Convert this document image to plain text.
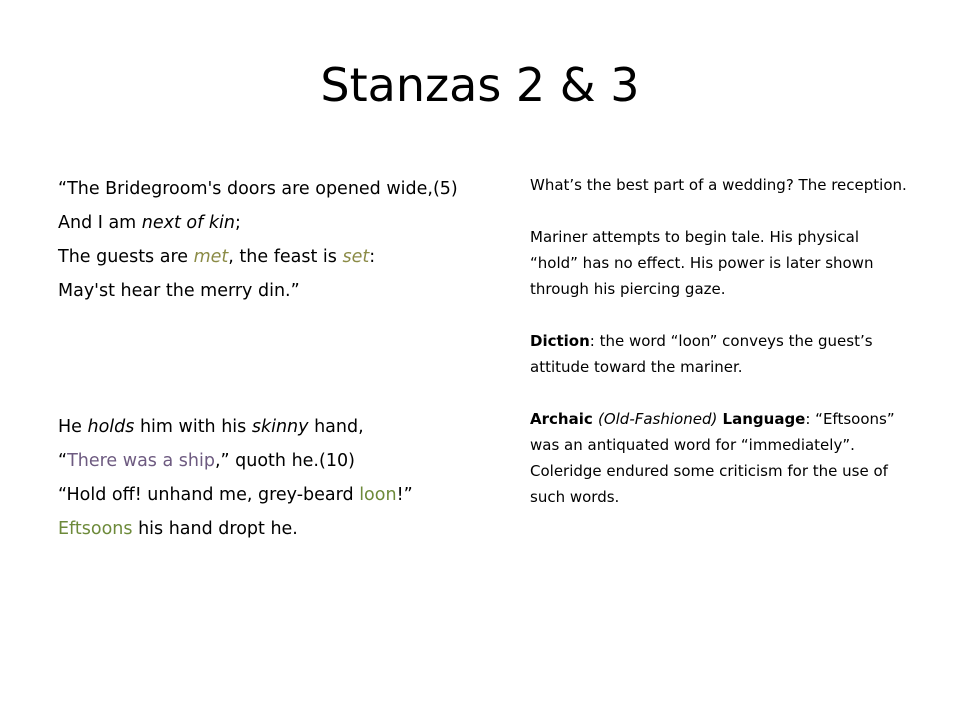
Stanzas 2 & 3
“The Bridegroom's doors are opened wide,(5)
And I am next of kin;
The guests are met, the feast is set:
May'st hear the merry din.”
He holds him with his skinny hand,
“There was a ship,” quoth he.(10)
“Hold off! unhand me, grey-beard loon!”
Eftsoons his hand dropt he.

What’s the best part of a wedding? The reception.

Mariner attempts to begin tale. His physical “hold” has no effect. His power is later shown through his piercing gaze.

Diction: the word “loon” conveys the guest’s attitude toward the mariner.

Archaic (Old-Fashioned) Language: “Eftsoons” was an antiquated word for “immediately”. Coleridge endured some criticism for the use of such words.
